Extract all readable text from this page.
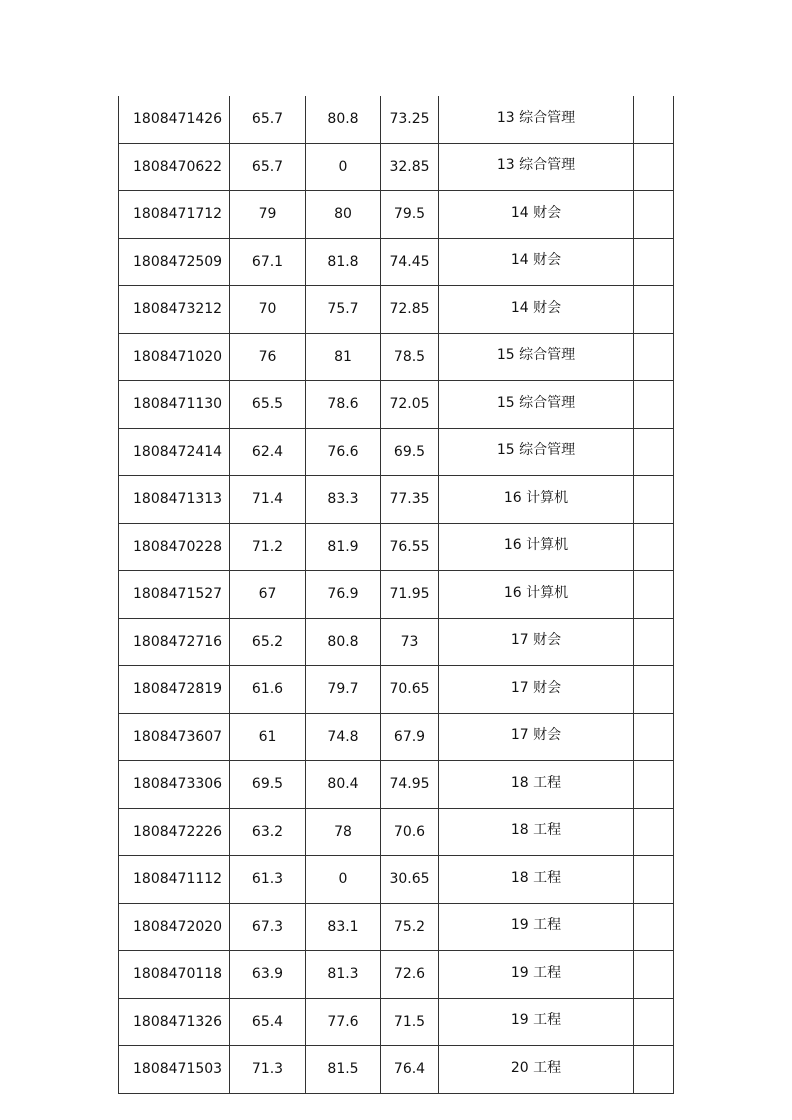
1808471426	65.7	80.8	73.25	13 综合管理	
1808470622	65.7	0	32.85	13 综合管理	
1808471712	79	80	79.5	14 财会	
1808472509	67.1	81.8	74.45	14 财会	
1808473212	70	75.7	72.85	14 财会	
1808471020	76	81	78.5	15 综合管理	
1808471130	65.5	78.6	72.05	15 综合管理	
1808472414	62.4	76.6	69.5	15 综合管理	
1808471313	71.4	83.3	77.35	16 计算机	
1808470228	71.2	81.9	76.55	16 计算机	
1808471527	67	76.9	71.95	16 计算机	
1808472716	65.2	80.8	73	17 财会	
1808472819	61.6	79.7	70.65	17 财会	
1808473607	61	74.8	67.9	17 财会	
1808473306	69.5	80.4	74.95	18 工程	
1808472226	63.2	78	70.6	18 工程	
1808471112	61.3	0	30.65	18 工程	
1808472020	67.3	83.1	75.2	19 工程	
1808470118	63.9	81.3	72.6	19 工程	
1808471326	65.4	77.6	71.5	19 工程	
1808471503	71.3	81.5	76.4	20 工程	
